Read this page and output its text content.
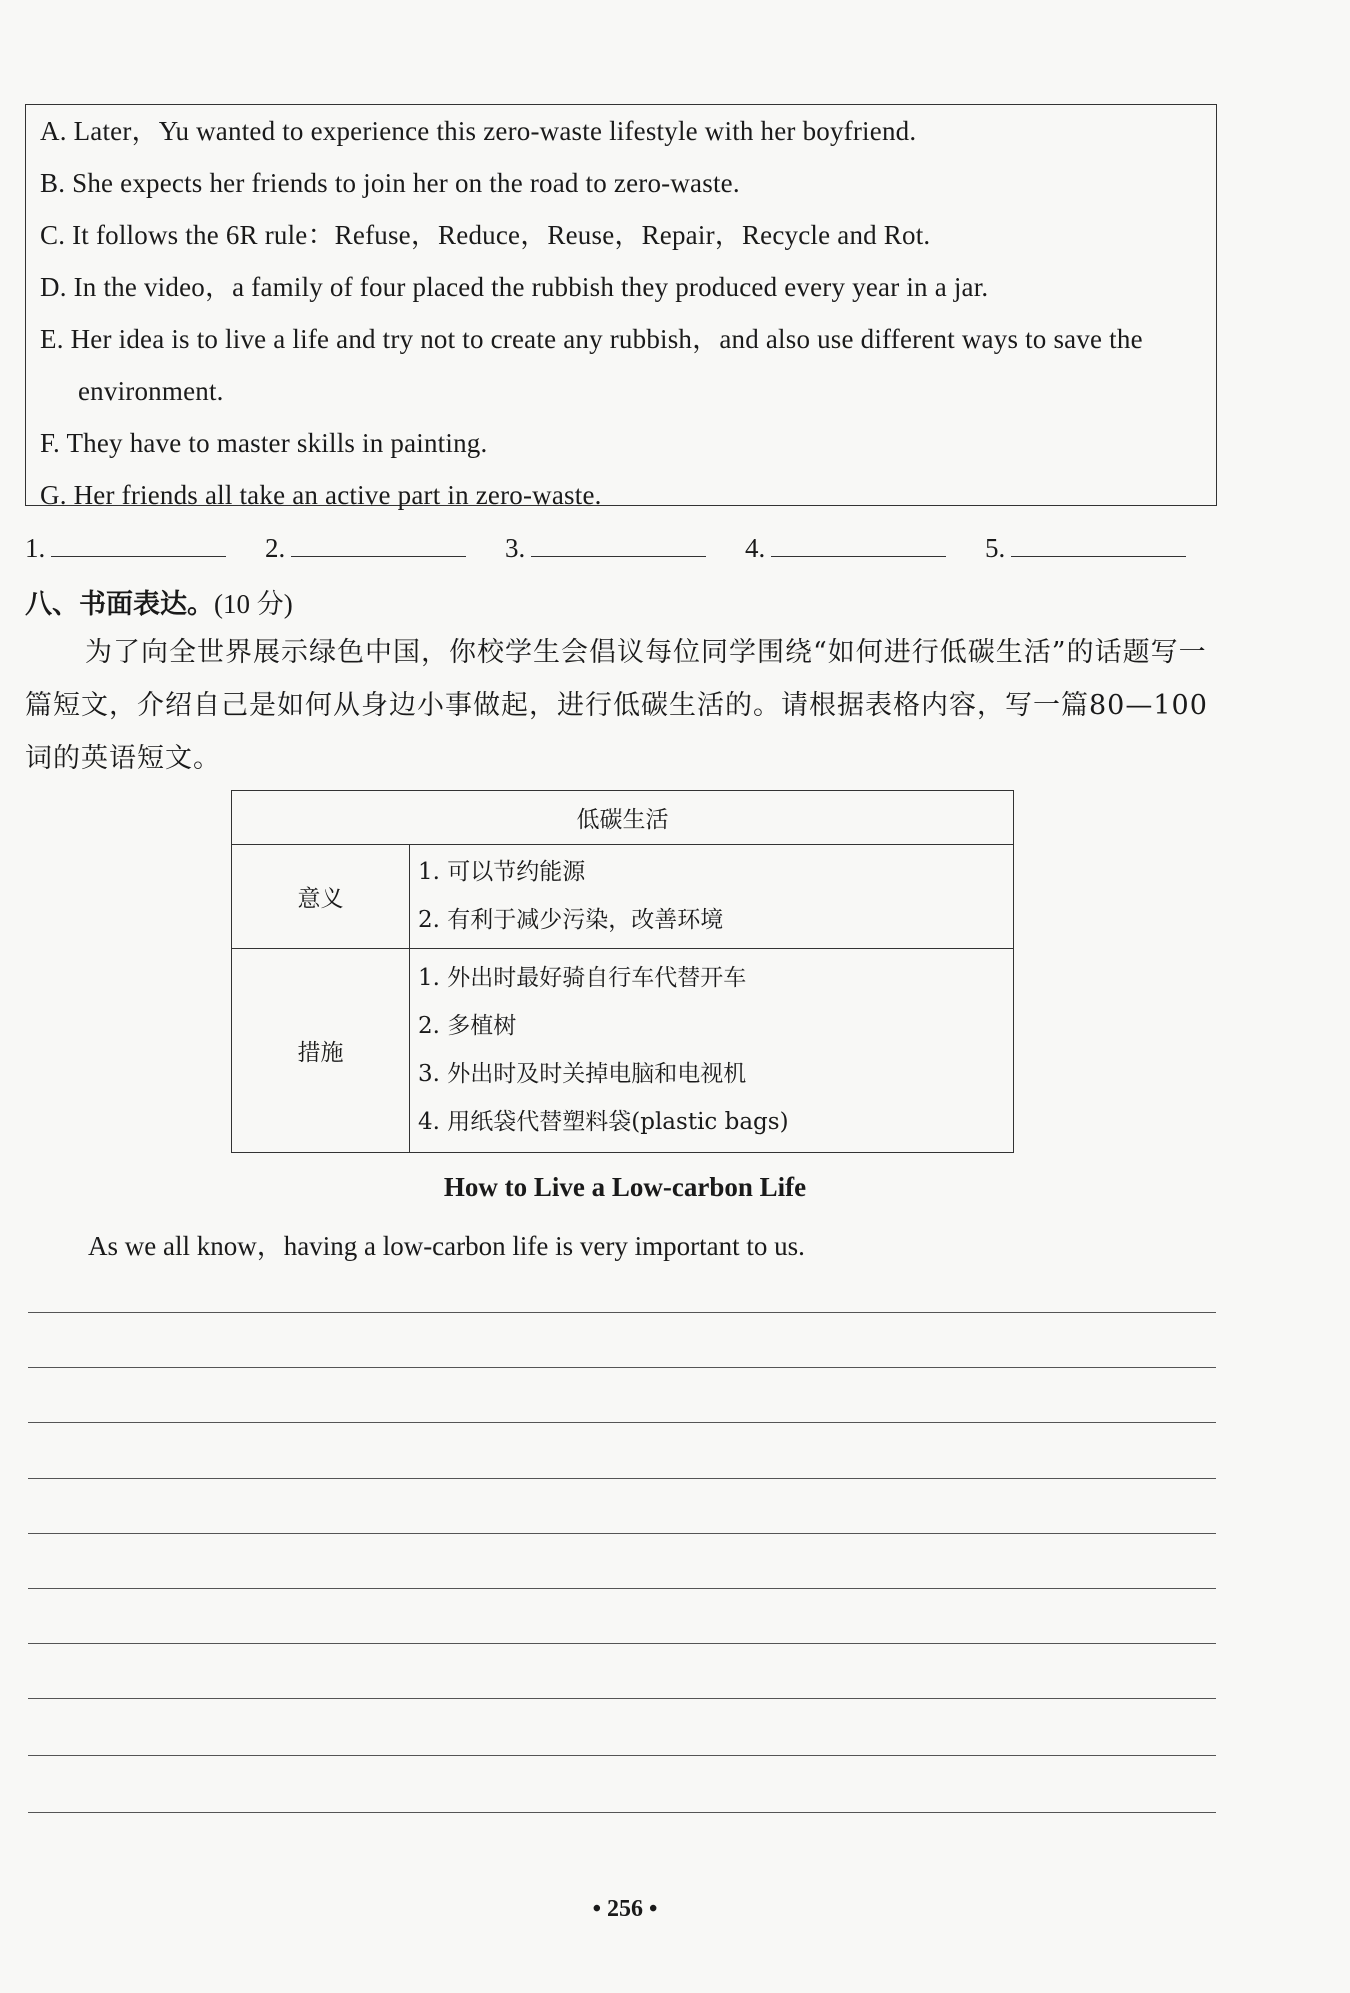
A. Later，Yu wanted to experience this zero-waste lifestyle with her boyfriend.
B. She expects her friends to join her on the road to zero-waste.
C. It follows the 6R rule：Refuse，Reduce，Reuse，Repair，Recycle and Rot.
D. In the video，a family of four placed the rubbish they produced every year in a jar.
E. Her idea is to live a life and try not to create any rubbish，and also use different ways to save the environment.
F. They have to master skills in painting.
G. Her friends all take an active part in zero-waste.
1.	2.	3.	4.	5.
八、书面表达。(10 分)
为了向全世界展示绿色中国，你校学生会倡议每位同学围绕“如何进行低碳生活”的话题写一篇短文，介绍自己是如何从身边小事做起，进行低碳生活的。请根据表格内容，写一篇80—100 词的英语短文。
低碳生活	
意义	1. 可以节约能源
2. 有利于减少污染，改善环境

措施	1. 外出时最好骑自行车代替开车
2. 多植树
3. 外出时及时关掉电脑和电视机
4. 用纸袋代替塑料袋(plastic bags)
How to Live a Low-carbon Life
As we all know，having a low-carbon life is very important to us.
• 256 •
